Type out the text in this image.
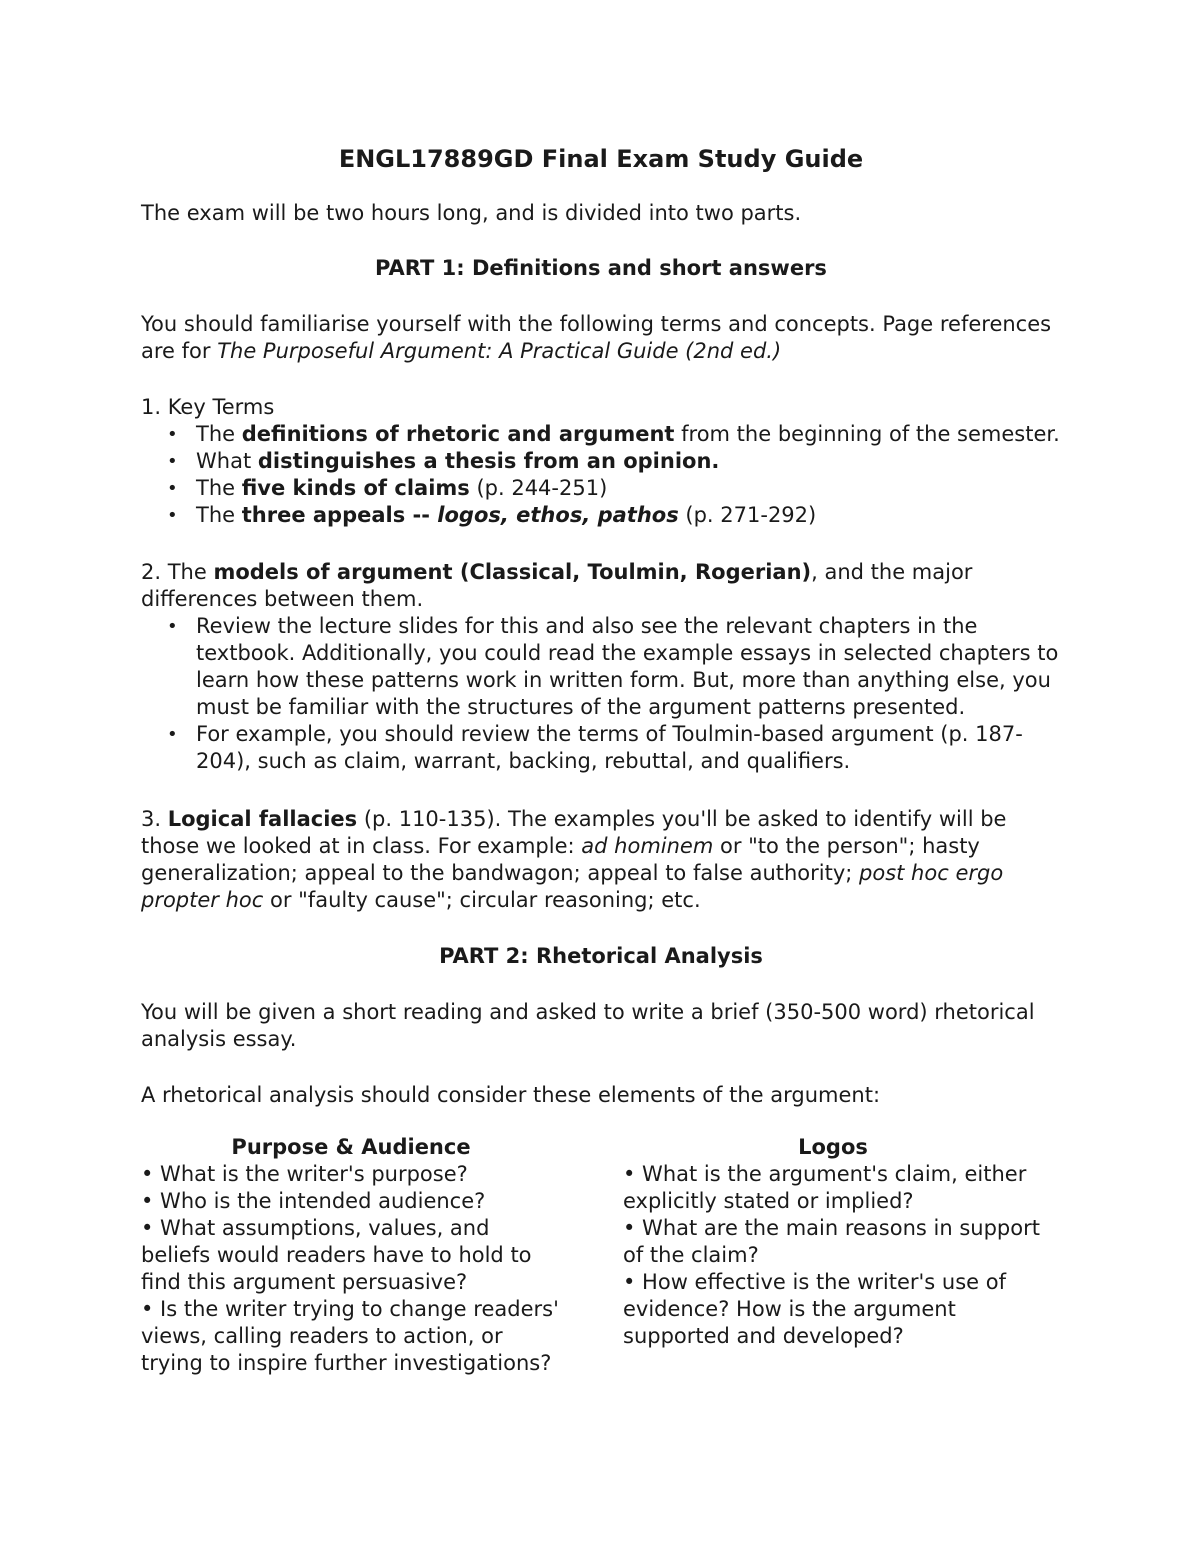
ENGL17889GD Final Exam Study Guide
The exam will be two hours long, and is divided into two parts.
PART 1: Definitions and short answers
You should familiarise yourself with the following terms and concepts. Page references are for The Purposeful Argument: A Practical Guide (2nd ed.)
1. Key Terms
• The definitions of rhetoric and argument from the beginning of the semester.
• What distinguishes a thesis from an opinion.
• The five kinds of claims (p. 244-251)
• The three appeals -- logos, ethos, pathos (p. 271-292)
2. The models of argument (Classical, Toulmin, Rogerian), and the major differences between them.
• Review the lecture slides for this and also see the relevant chapters in the textbook. Additionally, you could read the example essays in selected chapters to learn how these patterns work in written form. But, more than anything else, you must be familiar with the structures of the argument patterns presented.
• For example, you should review the terms of Toulmin-based argument (p. 187-204), such as claim, warrant, backing, rebuttal, and qualifiers.
3. Logical fallacies (p. 110-135). The examples you'll be asked to identify will be those we looked at in class. For example: ad hominem or "to the person"; hasty generalization; appeal to the bandwagon; appeal to false authority; post hoc ergo propter hoc or "faulty cause"; circular reasoning; etc.
PART 2: Rhetorical Analysis
You will be given a short reading and asked to write a brief (350-500 word) rhetorical analysis essay.
A rhetorical analysis should consider these elements of the argument:
Purpose & Audience
• What is the writer's purpose?
• Who is the intended audience?
• What assumptions, values, and beliefs would readers have to hold to find this argument persuasive?
• Is the writer trying to change readers' views, calling readers to action, or trying to inspire further investigations?
Logos
• What is the argument's claim, either explicitly stated or implied?
• What are the main reasons in support of the claim?
• How effective is the writer's use of evidence? How is the argument supported and developed?
